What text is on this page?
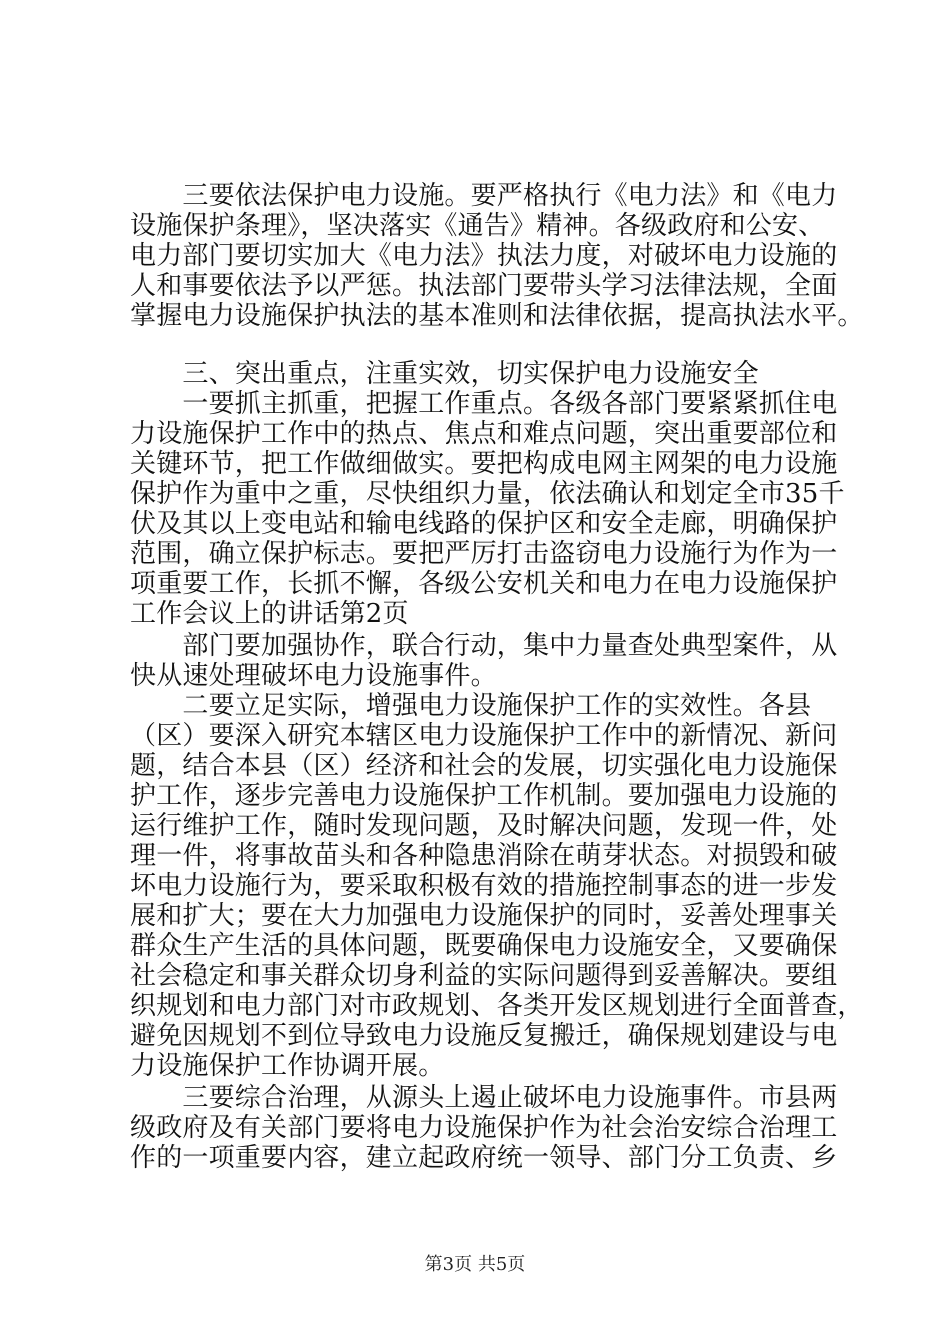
　　三要依法保护电力设施。要严格执行《电力法》和《电力
设施保护条理》，坚决落实《通告》精神。各级政府和公安、
电力部门要切实加大《电力法》执法力度，对破坏电力设施的
人和事要依法予以严惩。执法部门要带头学习法律法规，全面
掌握电力设施保护执法的基本准则和法律依据，提高执法水平。
　　三、突出重点，注重实效，切实保护电力设施安全
　　一要抓主抓重，把握工作重点。各级各部门要紧紧抓住电
力设施保护工作中的热点、焦点和难点问题，突出重要部位和
关键环节，把工作做细做实。要把构成电网主网架的电力设施
保护作为重中之重，尽快组织力量，依法确认和划定全市35千
伏及其以上变电站和输电线路的保护区和安全走廊，明确保护
范围，确立保护标志。要把严厉打击盗窃电力设施行为作为一
项重要工作，长抓不懈，各级公安机关和电力在电力设施保护
工作会议上的讲话第2页
　　部门要加强协作，联合行动，集中力量查处典型案件，从
快从速处理破坏电力设施事件。
　　二要立足实际，增强电力设施保护工作的实效性。各县
（区）要深入研究本辖区电力设施保护工作中的新情况、新问
题，结合本县（区）经济和社会的发展，切实强化电力设施保
护工作，逐步完善电力设施保护工作机制。要加强电力设施的
运行维护工作，随时发现问题，及时解决问题，发现一件，处
理一件，将事故苗头和各种隐患消除在萌芽状态。对损毁和破
坏电力设施行为，要采取积极有效的措施控制事态的进一步发
展和扩大；要在大力加强电力设施保护的同时，妥善处理事关
群众生产生活的具体问题，既要确保电力设施安全，又要确保
社会稳定和事关群众切身利益的实际问题得到妥善解决。要组
织规划和电力部门对市政规划、各类开发区规划进行全面普查，
避免因规划不到位导致电力设施反复搬迁，确保规划建设与电
力设施保护工作协调开展。
　　三要综合治理，从源头上遏止破坏电力设施事件。市县两
级政府及有关部门要将电力设施保护作为社会治安综合治理工
作的一项重要内容，建立起政府统一领导、部门分工负责、乡
第3页 共5页
